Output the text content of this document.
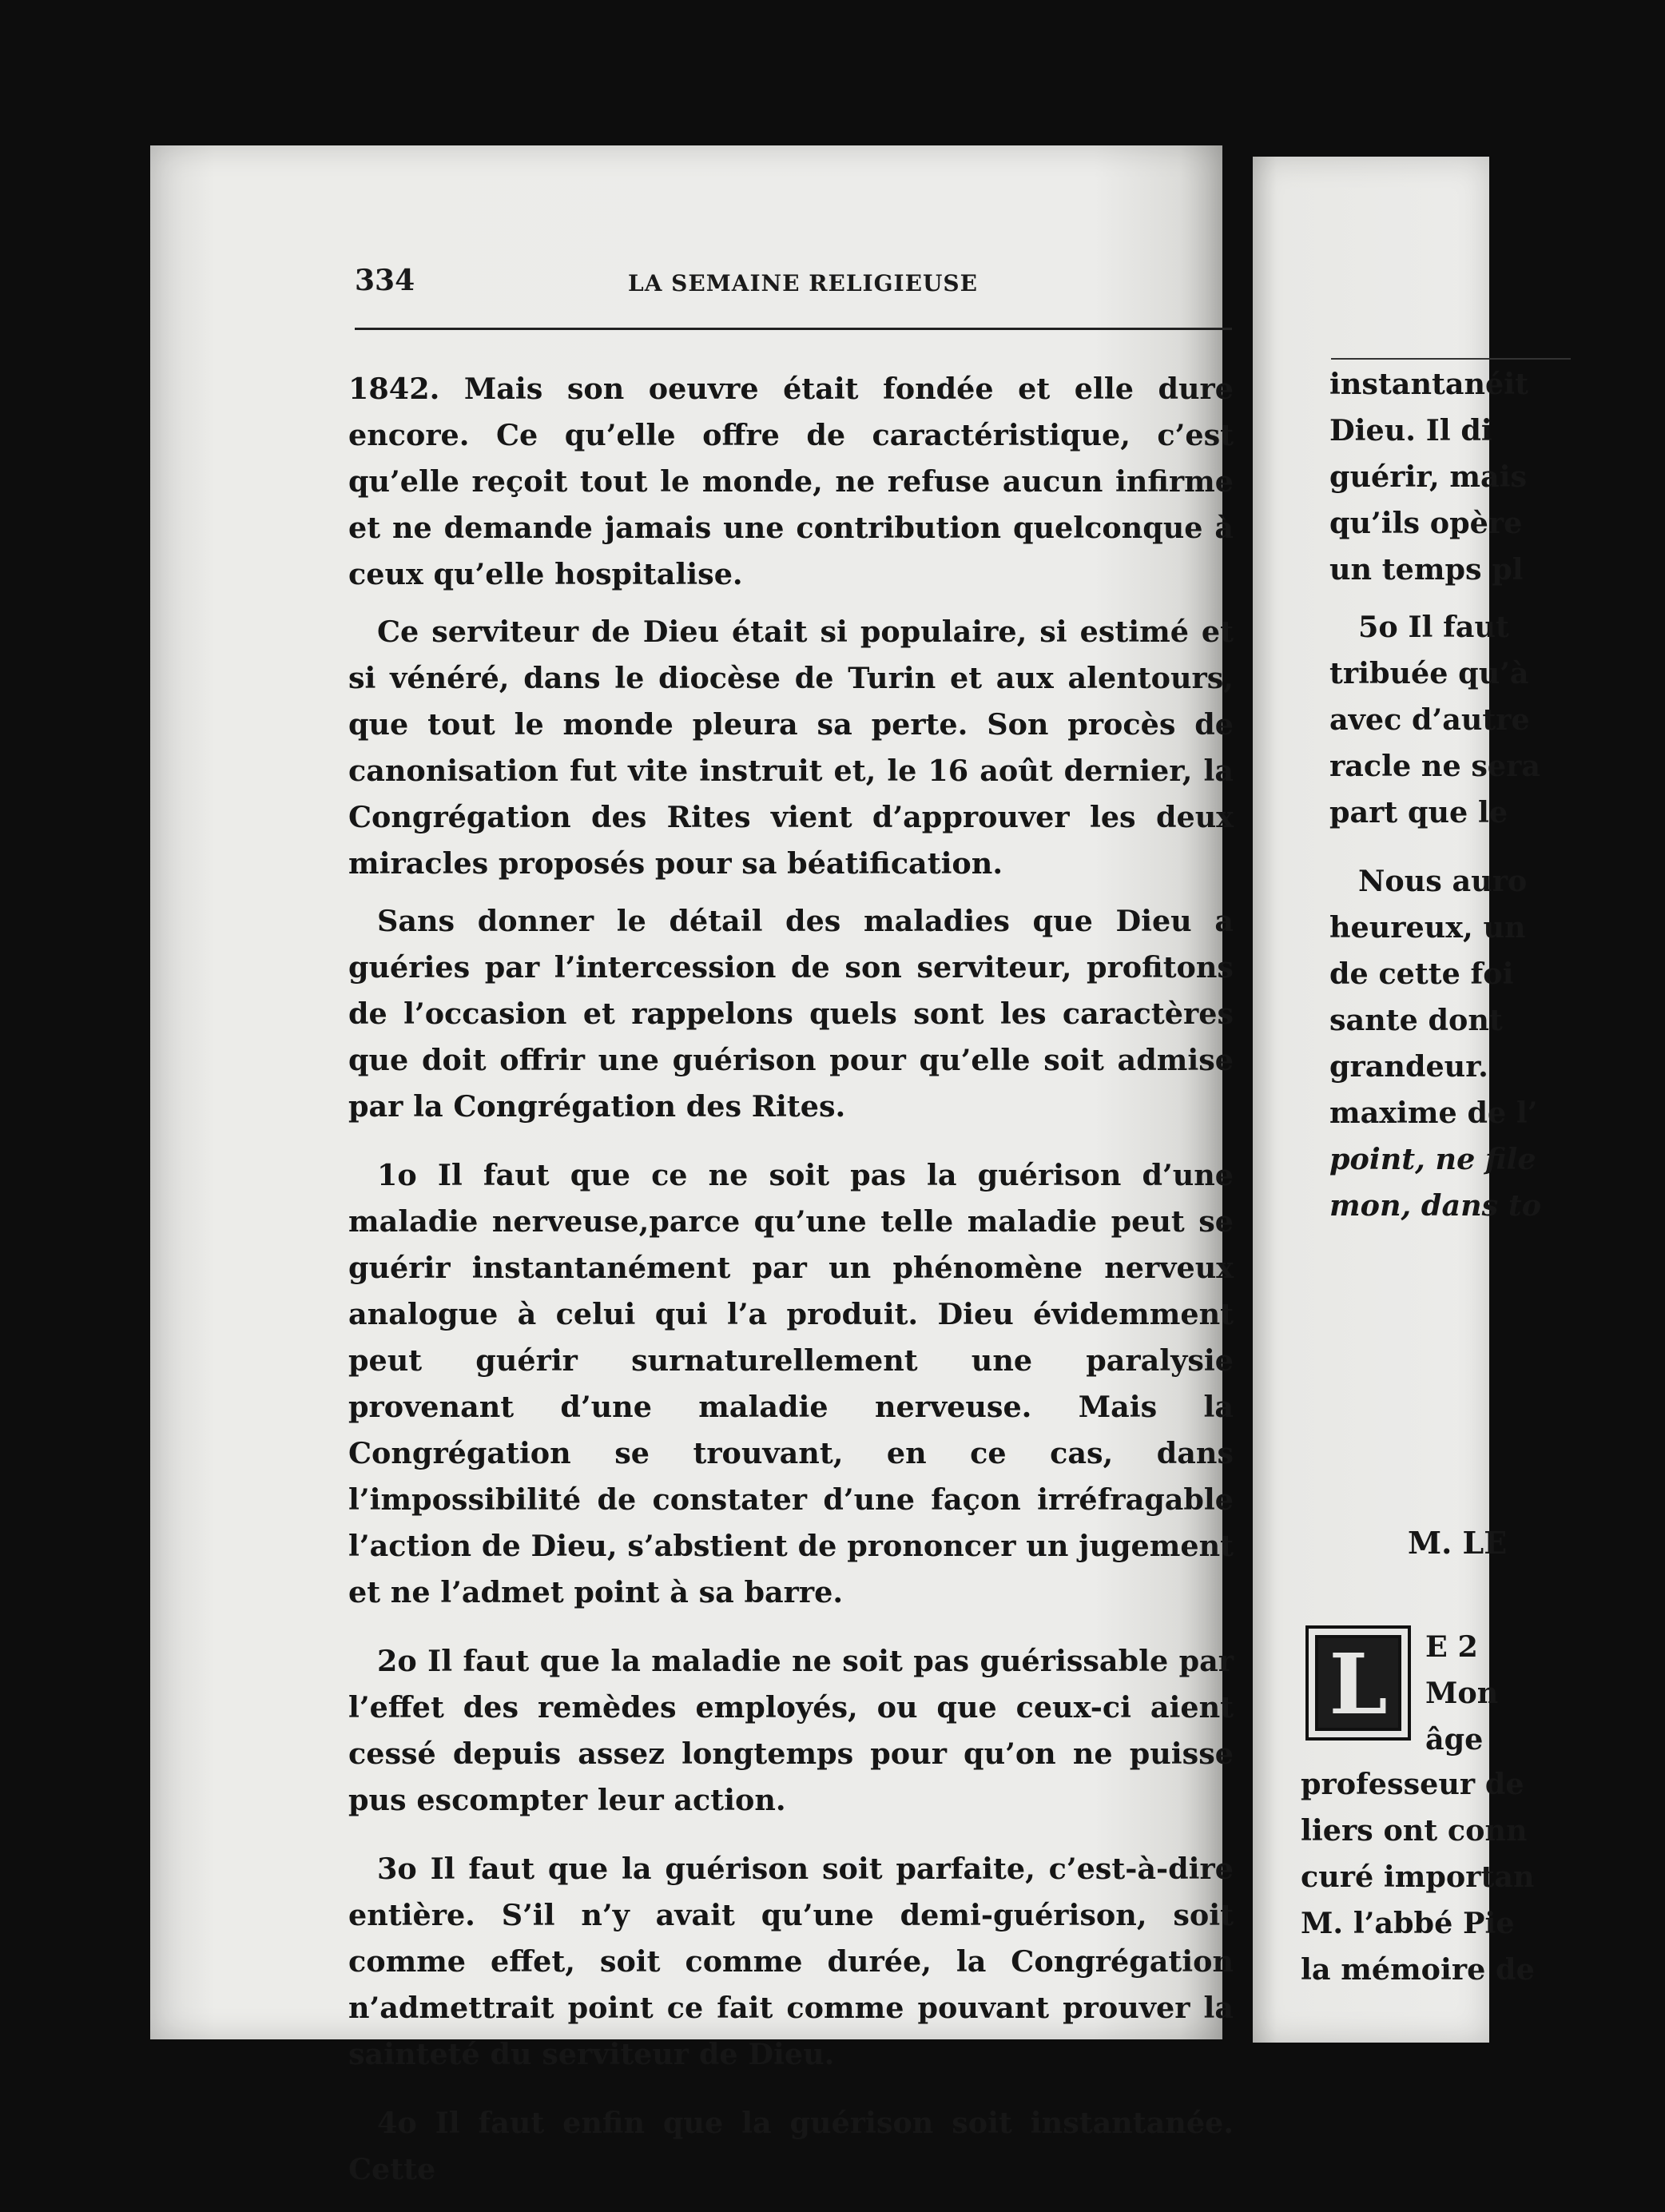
instantanéit
Dieu. Il di
guérir, mais
qu’ils opère
un temps pl
5o Il faut
tribuée qu’à
avec d’autre
racle ne sera
part que le
Nous auro
heureux, un
de cette foi
sante dont
grandeur.
maxime de l’
point, ne file
mon, dans to
M. LE
L	E 2
Mon
âge
professeur de
liers ont conn
curé importan
M. l’abbé Pie
la mémoire de
334	LA SEMAINE RELIGIEUSE

1842. Mais son oeuvre était fondée et elle dure encore. Ce qu’elle offre de caractéristique, c’est qu’elle reçoit tout le monde, ne refuse aucun infirme et ne demande jamais une contribution quelconque à ceux qu’elle hospitalise.

Ce serviteur de Dieu était si populaire, si estimé et si vénéré, dans le diocèse de Turin et aux alentours, que tout le monde pleura sa perte. Son procès de canonisation fut vite instruit et, le 16 août dernier, la Congrégation des Rites vient d’approuver les deux miracles proposés pour sa béatification.

Sans donner le détail des maladies que Dieu a guéries par l’intercession de son serviteur, profitons de l’occasion et rappelons quels sont les caractères que doit offrir une guérison pour qu’elle soit admise par la Congrégation des Rites.

1o Il faut que ce ne soit pas la guérison d’une maladie nerveuse,parce qu’une telle maladie peut se guérir instantanément par un phénomène nerveux analogue à celui qui l’a produit. Dieu évidemment peut guérir surnaturellement une paralysie provenant d’une maladie nerveuse. Mais la Congrégation se trouvant, en ce cas, dans l’impossibilité de constater d’une façon irréfragable l’action de Dieu, s’abstient de prononcer un jugement et ne l’admet point à sa barre.

2o Il faut que la maladie ne soit pas guérissable par l’effet des remèdes employés, ou que ceux-ci aient cessé depuis assez longtemps pour qu’on ne puisse pus escompter leur action.

3o Il faut que la guérison soit parfaite, c’est-à-dire entière. S’il n’y avait qu’une demi-guérison, soit comme effet, soit comme durée, la Congrégation n’admettrait point ce fait comme pouvant prouver la sainteté du serviteur de Dieu.

4o Il faut enfin que la guérison soit instantanée. Cette
